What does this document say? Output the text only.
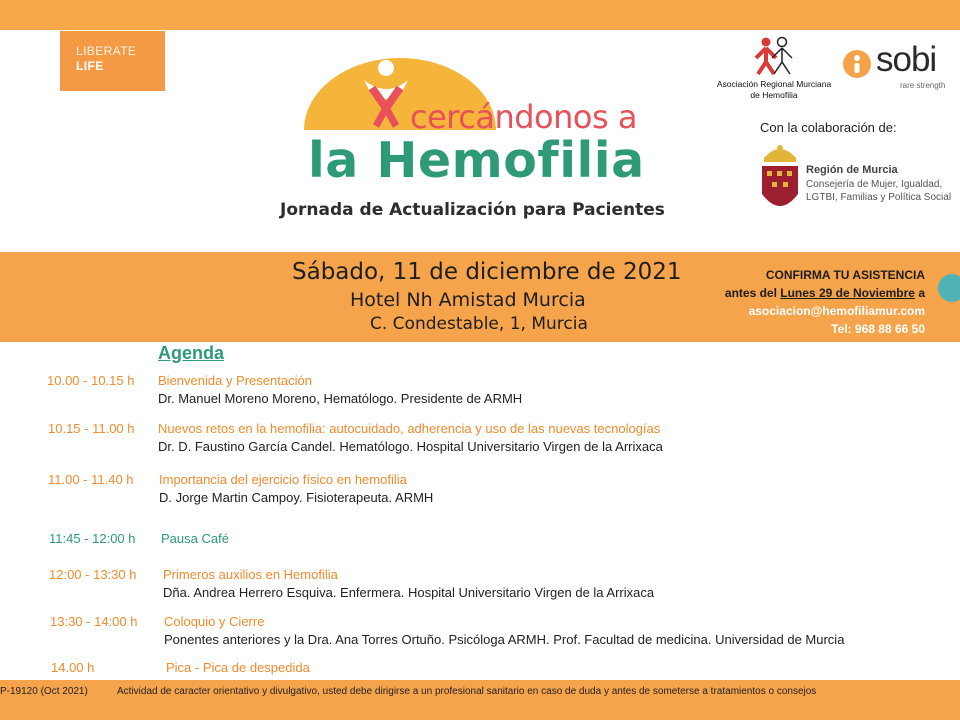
LIBERATE
LIFE
cercándonos a
la Hemofilia
Jornada de Actualización para Pacientes
Asociación Regional Murciana
de Hemofilia
sobi
rare strength
Con la colaboración de:
Región de Murcia
Consejería de Mujer, Igualdad,
LGTBI, Familias y Política Social
Sábado, 11 de diciembre de 2021
Hotel Nh Amistad Murcia
C. Condestable, 1, Murcia
CONFIRMA TU ASISTENCIA
antes del Lunes 29 de Noviembre a
asociacion@hemofiliamur.com
Tel: 968 88 66 50
Agenda
10.00 - 10.15 h Bienvenida y Presentación
Dr. Manuel Moreno Moreno, Hematólogo. Presidente de ARMH
10.15 - 11.00 h Nuevos retos en la hemofilia: autocuidado, adherencia y uso de las nuevas tecnologías
Dr. D. Faustino García Candel. Hematólogo. Hospital Universitario Virgen de la Arrixaca
11.00 - 11.40 h Importancia del ejercicio físico en hemofilia
D. Jorge Martin Campoy. Fisioterapeuta. ARMH
11:45 - 12:00 h Pausa Café
12:00 - 13:30 h Primeros auxilios en Hemofilia
Dña. Andrea Herrero Esquiva. Enfermera. Hospital Universitario Virgen de la Arrixaca
13:30 - 14:00 h Coloquio y Cierre
Ponentes anteriores y la Dra. Ana Torres Ortuño. Psicóloga ARMH. Prof. Facultad de medicina. Universidad de Murcia
14.00 h	Pica - Pica de despedida
P-19120 (Oct 2021)	Actividad de caracter orientativo y divulgativo, usted debe dirigirse a un profesional sanitario en caso de duda y antes de someterse a tratamientos o consejos
